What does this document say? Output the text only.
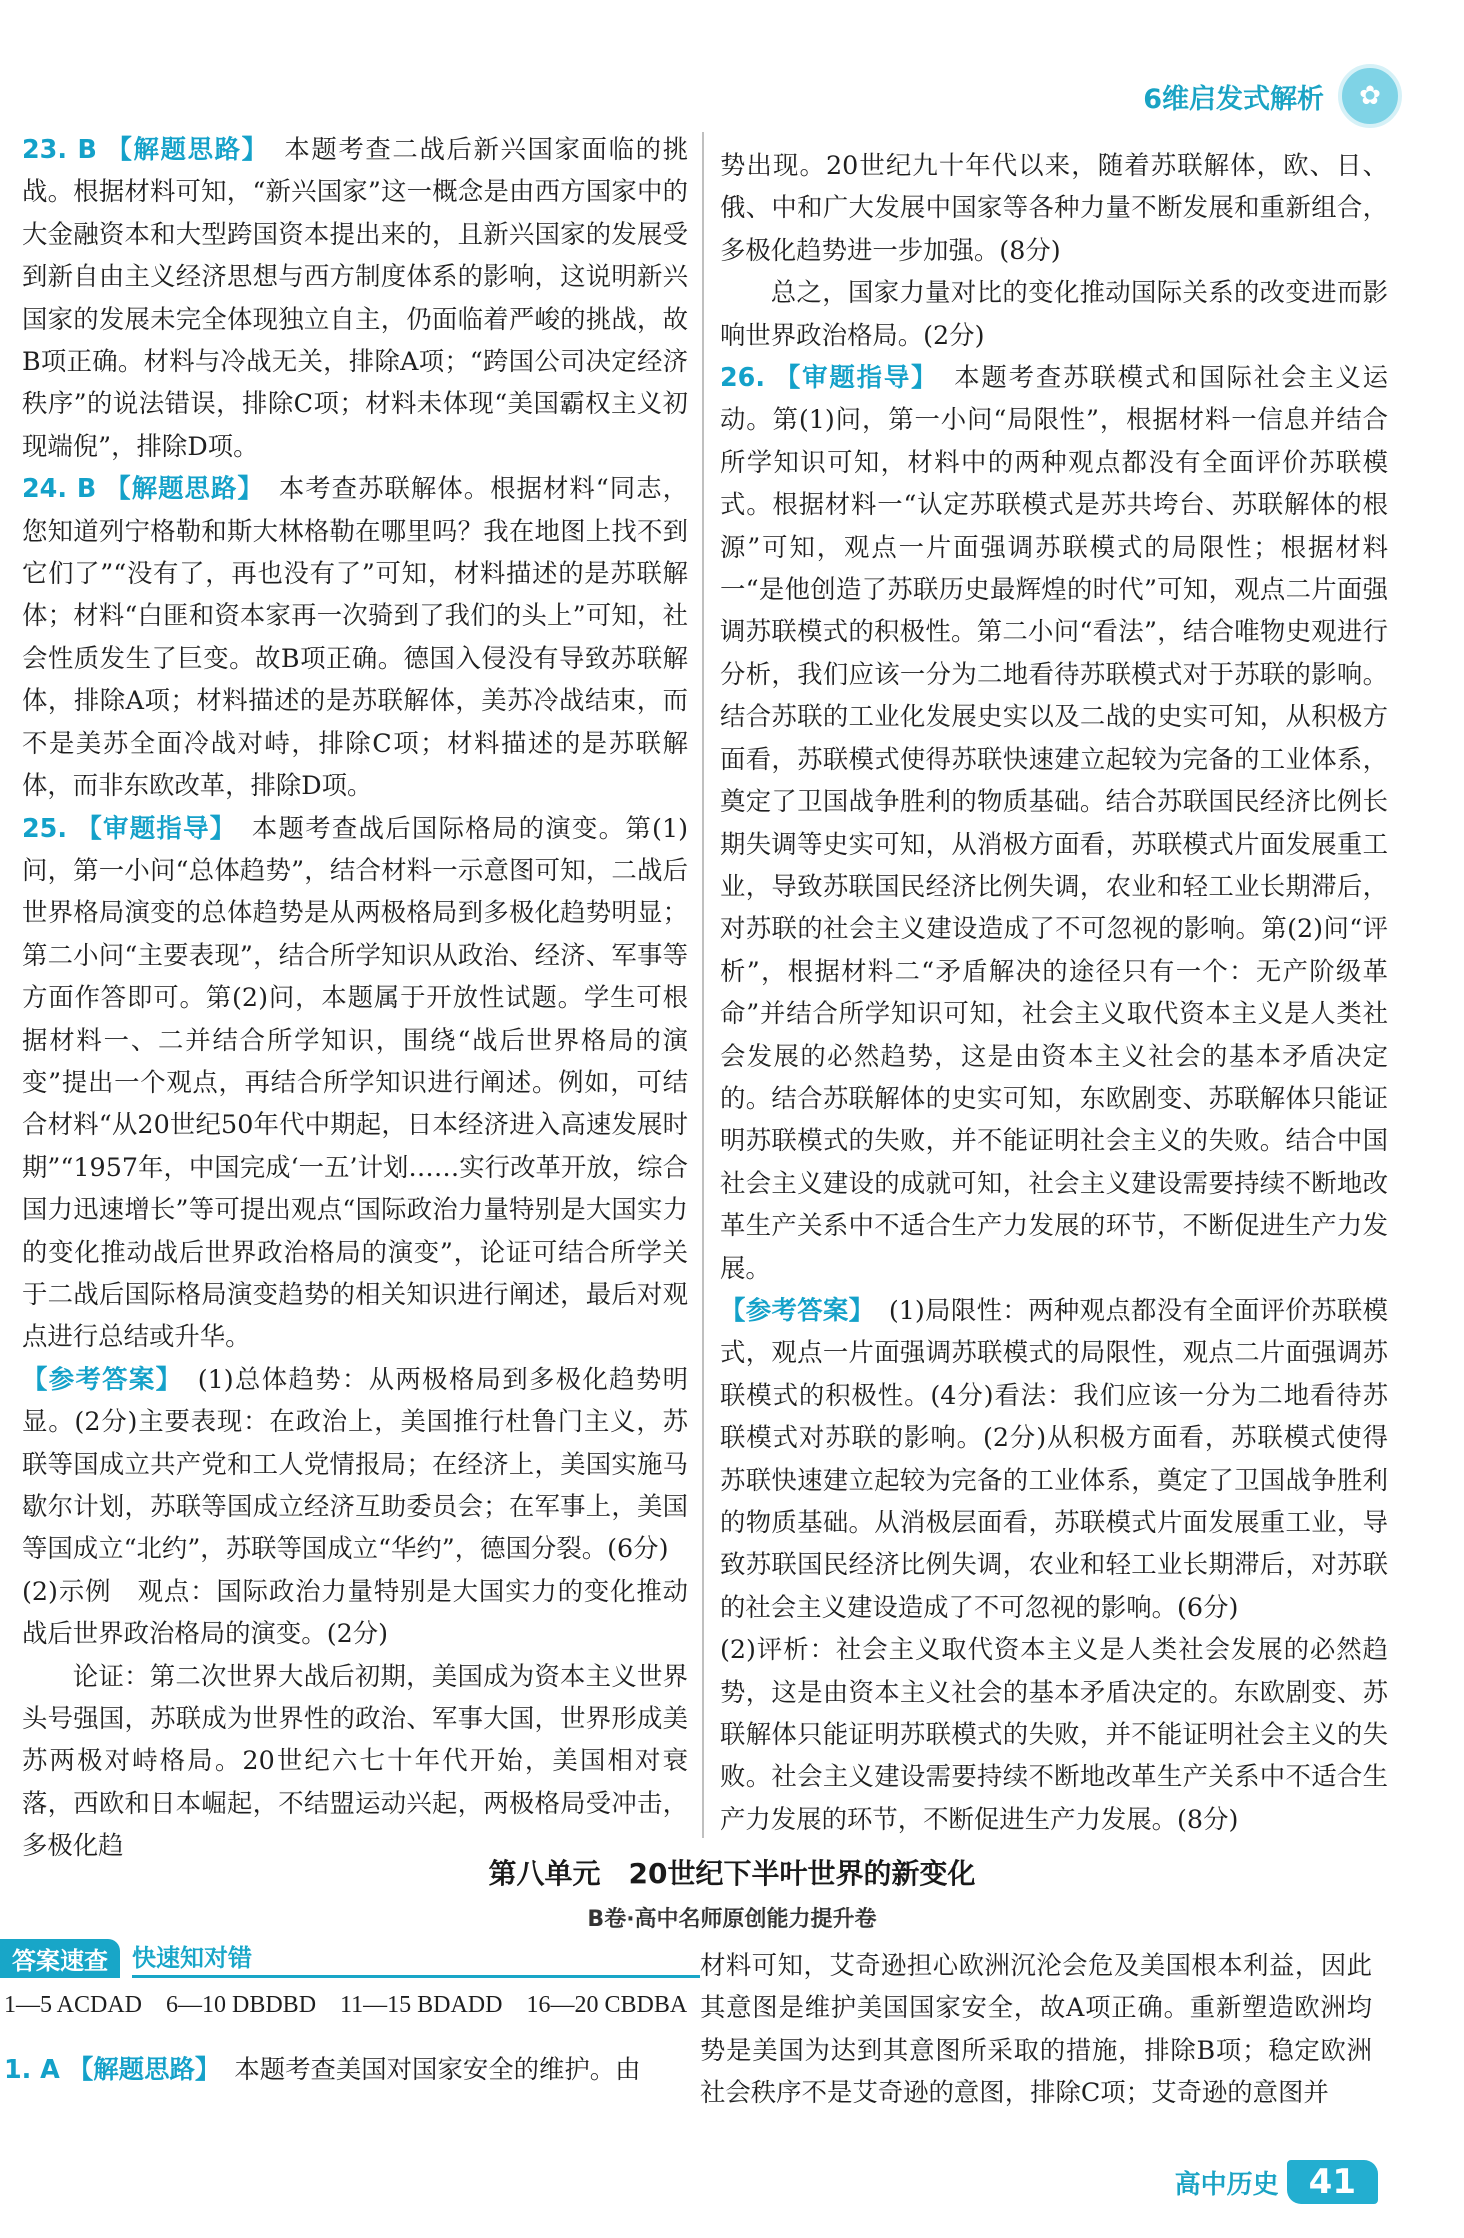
6维启发式解析	✿

23. B 【解题思路】 本题考查二战后新兴国家面临的挑战。根据材料可知，“新兴国家”这一概念是由西方国家中的大金融资本和大型跨国资本提出来的，且新兴国家的发展受到新自由主义经济思想与西方制度体系的影响，这说明新兴国家的发展未完全体现独立自主，仍面临着严峻的挑战，故B项正确。材料与冷战无关，排除A项；“跨国公司决定经济秩序”的说法错误，排除C项；材料未体现“美国霸权主义初现端倪”，排除D项。

24. B 【解题思路】 本考查苏联解体。根据材料“同志，您知道列宁格勒和斯大林格勒在哪里吗？我在地图上找不到它们了”“没有了，再也没有了”可知，材料描述的是苏联解体；材料“白匪和资本家再一次骑到了我们的头上”可知，社会性质发生了巨变。故B项正确。德国入侵没有导致苏联解体，排除A项；材料描述的是苏联解体，美苏冷战结束，而不是美苏全面冷战对峙，排除C项；材料描述的是苏联解体，而非东欧改革，排除D项。

25. 【审题指导】 本题考查战后国际格局的演变。第(1)问，第一小问“总体趋势”，结合材料一示意图可知，二战后世界格局演变的总体趋势是从两极格局到多极化趋势明显；第二小问“主要表现”，结合所学知识从政治、经济、军事等方面作答即可。第(2)问，本题属于开放性试题。学生可根据材料一、二并结合所学知识，围绕“战后世界格局的演变”提出一个观点，再结合所学知识进行阐述。例如，可结合材料“从20世纪50年代中期起，日本经济进入高速发展时期”“1957年，中国完成‘一五’计划……实行改革开放，综合国力迅速增长”等可提出观点“国际政治力量特别是大国实力的变化推动战后世界政治格局的演变”，论证可结合所学关于二战后国际格局演变趋势的相关知识进行阐述，最后对观点进行总结或升华。

【参考答案】 (1)总体趋势：从两极格局到多极化趋势明显。(2分)主要表现：在政治上，美国推行杜鲁门主义，苏联等国成立共产党和工人党情报局；在经济上，美国实施马歇尔计划，苏联等国成立经济互助委员会；在军事上，美国等国成立“北约”，苏联等国成立“华约”，德国分裂。(6分)

(2)示例　观点：国际政治力量特别是大国实力的变化推动战后世界政治格局的演变。(2分)

论证：第二次世界大战后初期，美国成为资本主义世界头号强国，苏联成为世界性的政治、军事大国，世界形成美苏两极对峙格局。20世纪六七十年代开始，美国相对衰落，西欧和日本崛起，不结盟运动兴起，两极格局受冲击，多极化趋

势出现。20世纪九十年代以来，随着苏联解体，欧、日、俄、中和广大发展中国家等各种力量不断发展和重新组合，多极化趋势进一步加强。(8分)

总之，国家力量对比的变化推动国际关系的改变进而影响世界政治格局。(2分)

26. 【审题指导】 本题考查苏联模式和国际社会主义运动。第(1)问，第一小问“局限性”，根据材料一信息并结合所学知识可知，材料中的两种观点都没有全面评价苏联模式。根据材料一“认定苏联模式是苏共垮台、苏联解体的根源”可知，观点一片面强调苏联模式的局限性；根据材料一“是他创造了苏联历史最辉煌的时代”可知，观点二片面强调苏联模式的积极性。第二小问“看法”，结合唯物史观进行分析，我们应该一分为二地看待苏联模式对于苏联的影响。结合苏联的工业化发展史实以及二战的史实可知，从积极方面看，苏联模式使得苏联快速建立起较为完备的工业体系，奠定了卫国战争胜利的物质基础。结合苏联国民经济比例长期失调等史实可知，从消极方面看，苏联模式片面发展重工业，导致苏联国民经济比例失调，农业和轻工业长期滞后，对苏联的社会主义建设造成了不可忽视的影响。第(2)问“评析”，根据材料二“矛盾解决的途径只有一个：无产阶级革命”并结合所学知识可知，社会主义取代资本主义是人类社会发展的必然趋势，这是由资本主义社会的基本矛盾决定的。结合苏联解体的史实可知，东欧剧变、苏联解体只能证明苏联模式的失败，并不能证明社会主义的失败。结合中国社会主义建设的成就可知，社会主义建设需要持续不断地改革生产关系中不适合生产力发展的环节，不断促进生产力发展。

【参考答案】 (1)局限性：两种观点都没有全面评价苏联模式，观点一片面强调苏联模式的局限性，观点二片面强调苏联模式的积极性。(4分)看法：我们应该一分为二地看待苏联模式对苏联的影响。(2分)从积极方面看，苏联模式使得苏联快速建立起较为完备的工业体系，奠定了卫国战争胜利的物质基础。从消极层面看，苏联模式片面发展重工业，导致苏联国民经济比例失调，农业和轻工业长期滞后，对苏联的社会主义建设造成了不可忽视的影响。(6分)

(2)评析：社会主义取代资本主义是人类社会发展的必然趋势，这是由资本主义社会的基本矛盾决定的。东欧剧变、苏联解体只能证明苏联模式的失败，并不能证明社会主义的失败。社会主义建设需要持续不断地改革生产关系中不适合生产力发展的环节，不断促进生产力发展。(8分)

第八单元　20世纪下半叶世界的新变化
B卷·高中名师原创能力提升卷
答案速查	快速知对错
1—5 ACDAD　6—10 DBDBD　11—15 BDADD　16—20 CBDBA
1. A 【解题思路】 本题考查美国对国家安全的维护。由

材料可知，艾奇逊担心欧洲沉沦会危及美国根本利益，因此其意图是维护美国国家安全，故A项正确。重新塑造欧洲均势是美国为达到其意图所采取的措施，排除B项；稳定欧洲社会秩序不是艾奇逊的意图，排除C项；艾奇逊的意图并

高中历史 41
